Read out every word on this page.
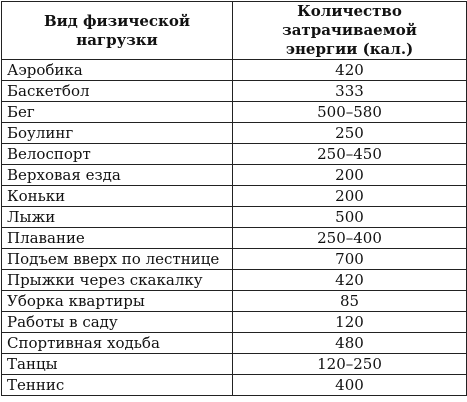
Вид физической нагрузки	Количество затрачиваемой
энергии (кал.)
Аэробика	420
Баскетбол	333
Бег	500–580
Боулинг	250
Велоспорт	250–450
Верховая езда	200
Коньки	200
Лыжи	500
Плавание	250–400
Подъем вверх по лестнице	700
Прыжки через скакалку	420
Уборка квартиры	85
Работы в саду	120
Спортивная ходьба	480
Танцы	120–250
Теннис	400
